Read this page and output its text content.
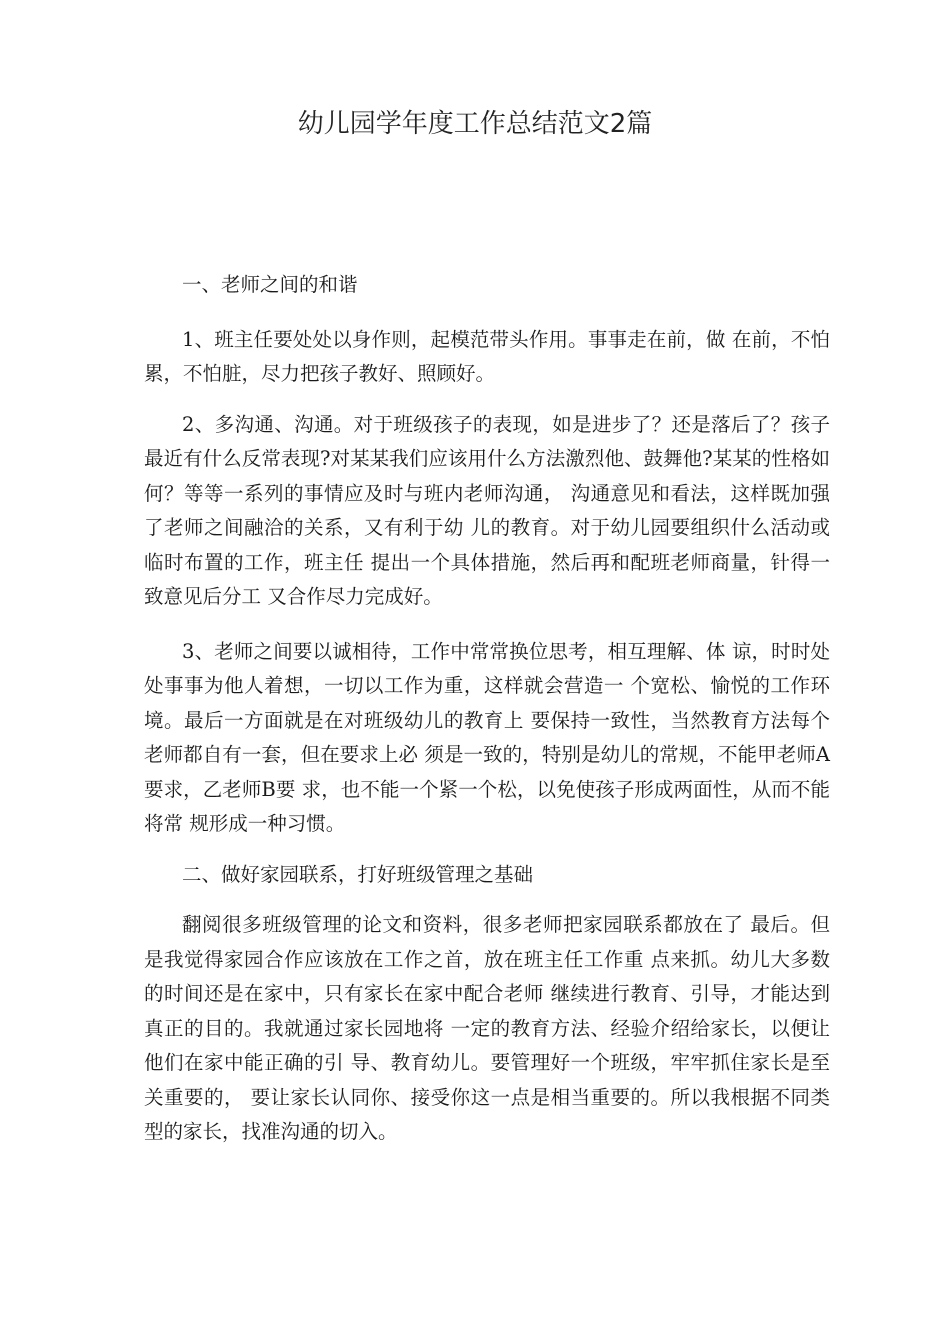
幼儿园学年度工作总结范文2篇

一、老师之间的和谐

1、班主任要处处以身作则，起模范带头作用。事事走在前，做 在前，不怕累，不怕脏，尽力把孩子教好、照顾好。

2、多沟通、沟通。对于班级孩子的表现，如是进步了？还是落后了？孩子最近有什么反常表现?对某某我们应该用什么方法激烈他、鼓舞他?某某的性格如何？等等一系列的事情应及时与班内老师沟通， 沟通意见和看法，这样既加强了老师之间融洽的关系，又有利于幼 儿的教育。对于幼儿园要组织什么活动或临时布置的工作，班主任 提出一个具体措施，然后再和配班老师商量，针得一致意见后分工 又合作尽力完成好。

3、老师之间要以诚相待，工作中常常换位思考，相互理解、体 谅，时时处处事事为他人着想，一切以工作为重，这样就会营造一 个宽松、愉悦的工作环境。最后一方面就是在对班级幼儿的教育上 要保持一致性，当然教育方法每个老师都自有一套，但在要求上必 须是一致的，特别是幼儿的常规，不能甲老师A要求，乙老师B要 求，也不能一个紧一个松，以免使孩子形成两面性，从而不能将常 规形成一种习惯。

二、做好家园联系，打好班级管理之基础

翻阅很多班级管理的论文和资料，很多老师把家园联系都放在了 最后。但是我觉得家园合作应该放在工作之首，放在班主任工作重 点来抓。幼儿大多数的时间还是在家中，只有家长在家中配合老师 继续进行教育、引导，才能达到真正的目的。我就通过家长园地将 一定的教育方法、经验介绍给家长，以便让他们在家中能正确的引 导、教育幼儿。要管理好一个班级，牢牢抓住家长是至关重要的， 要让家长认同你、接受你这一点是相当重要的。所以我根据不同类 型的家长，找准沟通的切入。
